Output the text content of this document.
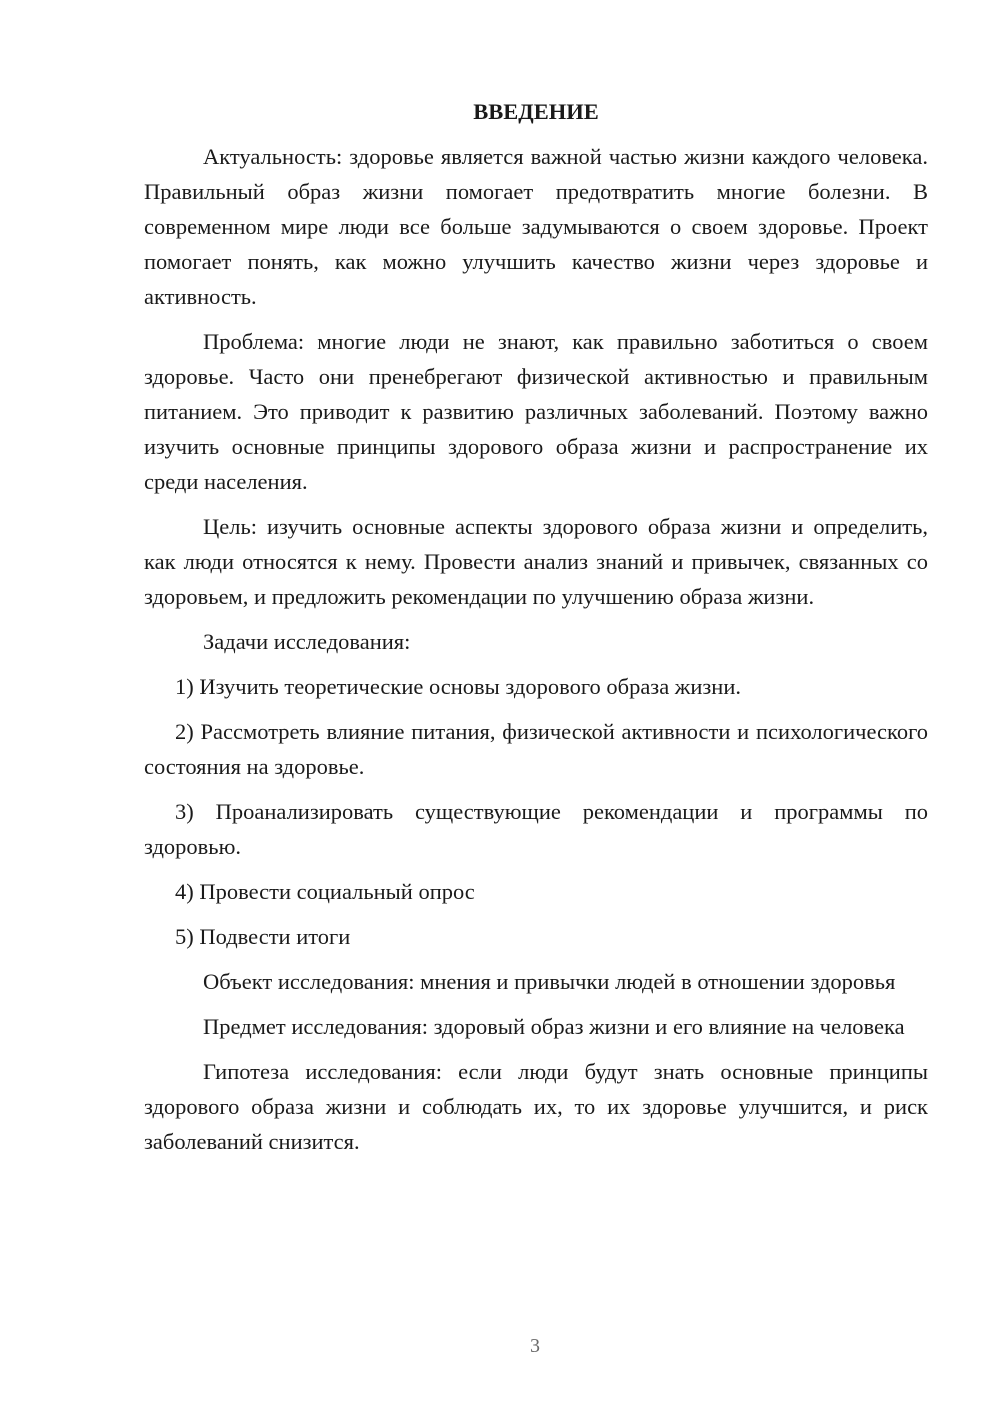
ВВЕДЕНИЕ

Актуальность: здоровье является важной частью жизни каждого человека. Правильный образ жизни помогает предотвратить многие болезни. В современном мире люди все больше задумываются о своем здоровье. Проект помогает понять, как можно улучшить качество жизни через здоровье и активность.

Проблема: многие люди не знают, как правильно заботиться о своем здоровье. Часто они пренебрегают физической активностью и правильным питанием. Это приводит к развитию различных заболеваний. Поэтому важно изучить основные принципы здорового образа жизни и распространение их среди населения.

Цель: изучить основные аспекты здорового образа жизни и определить, как люди относятся к нему. Провести анализ знаний и привычек, связанных со здоровьем, и предложить рекомендации по улучшению образа жизни.

Задачи исследования:

1) Изучить теоретические основы здорового образа жизни.

2) Рассмотреть влияние питания, физической активности и психологического состояния на здоровье.

3) Проанализировать существующие рекомендации и программы по здоровью.

4) Провести социальный опрос

5) Подвести итоги

Объект исследования: мнения и привычки людей в отношении здоровья

Предмет исследования: здоровый образ жизни и его влияние на человека

Гипотеза исследования: если люди будут знать основные принципы здорового образа жизни и соблюдать их, то их здоровье улучшится, и риск заболеваний снизится.

3
